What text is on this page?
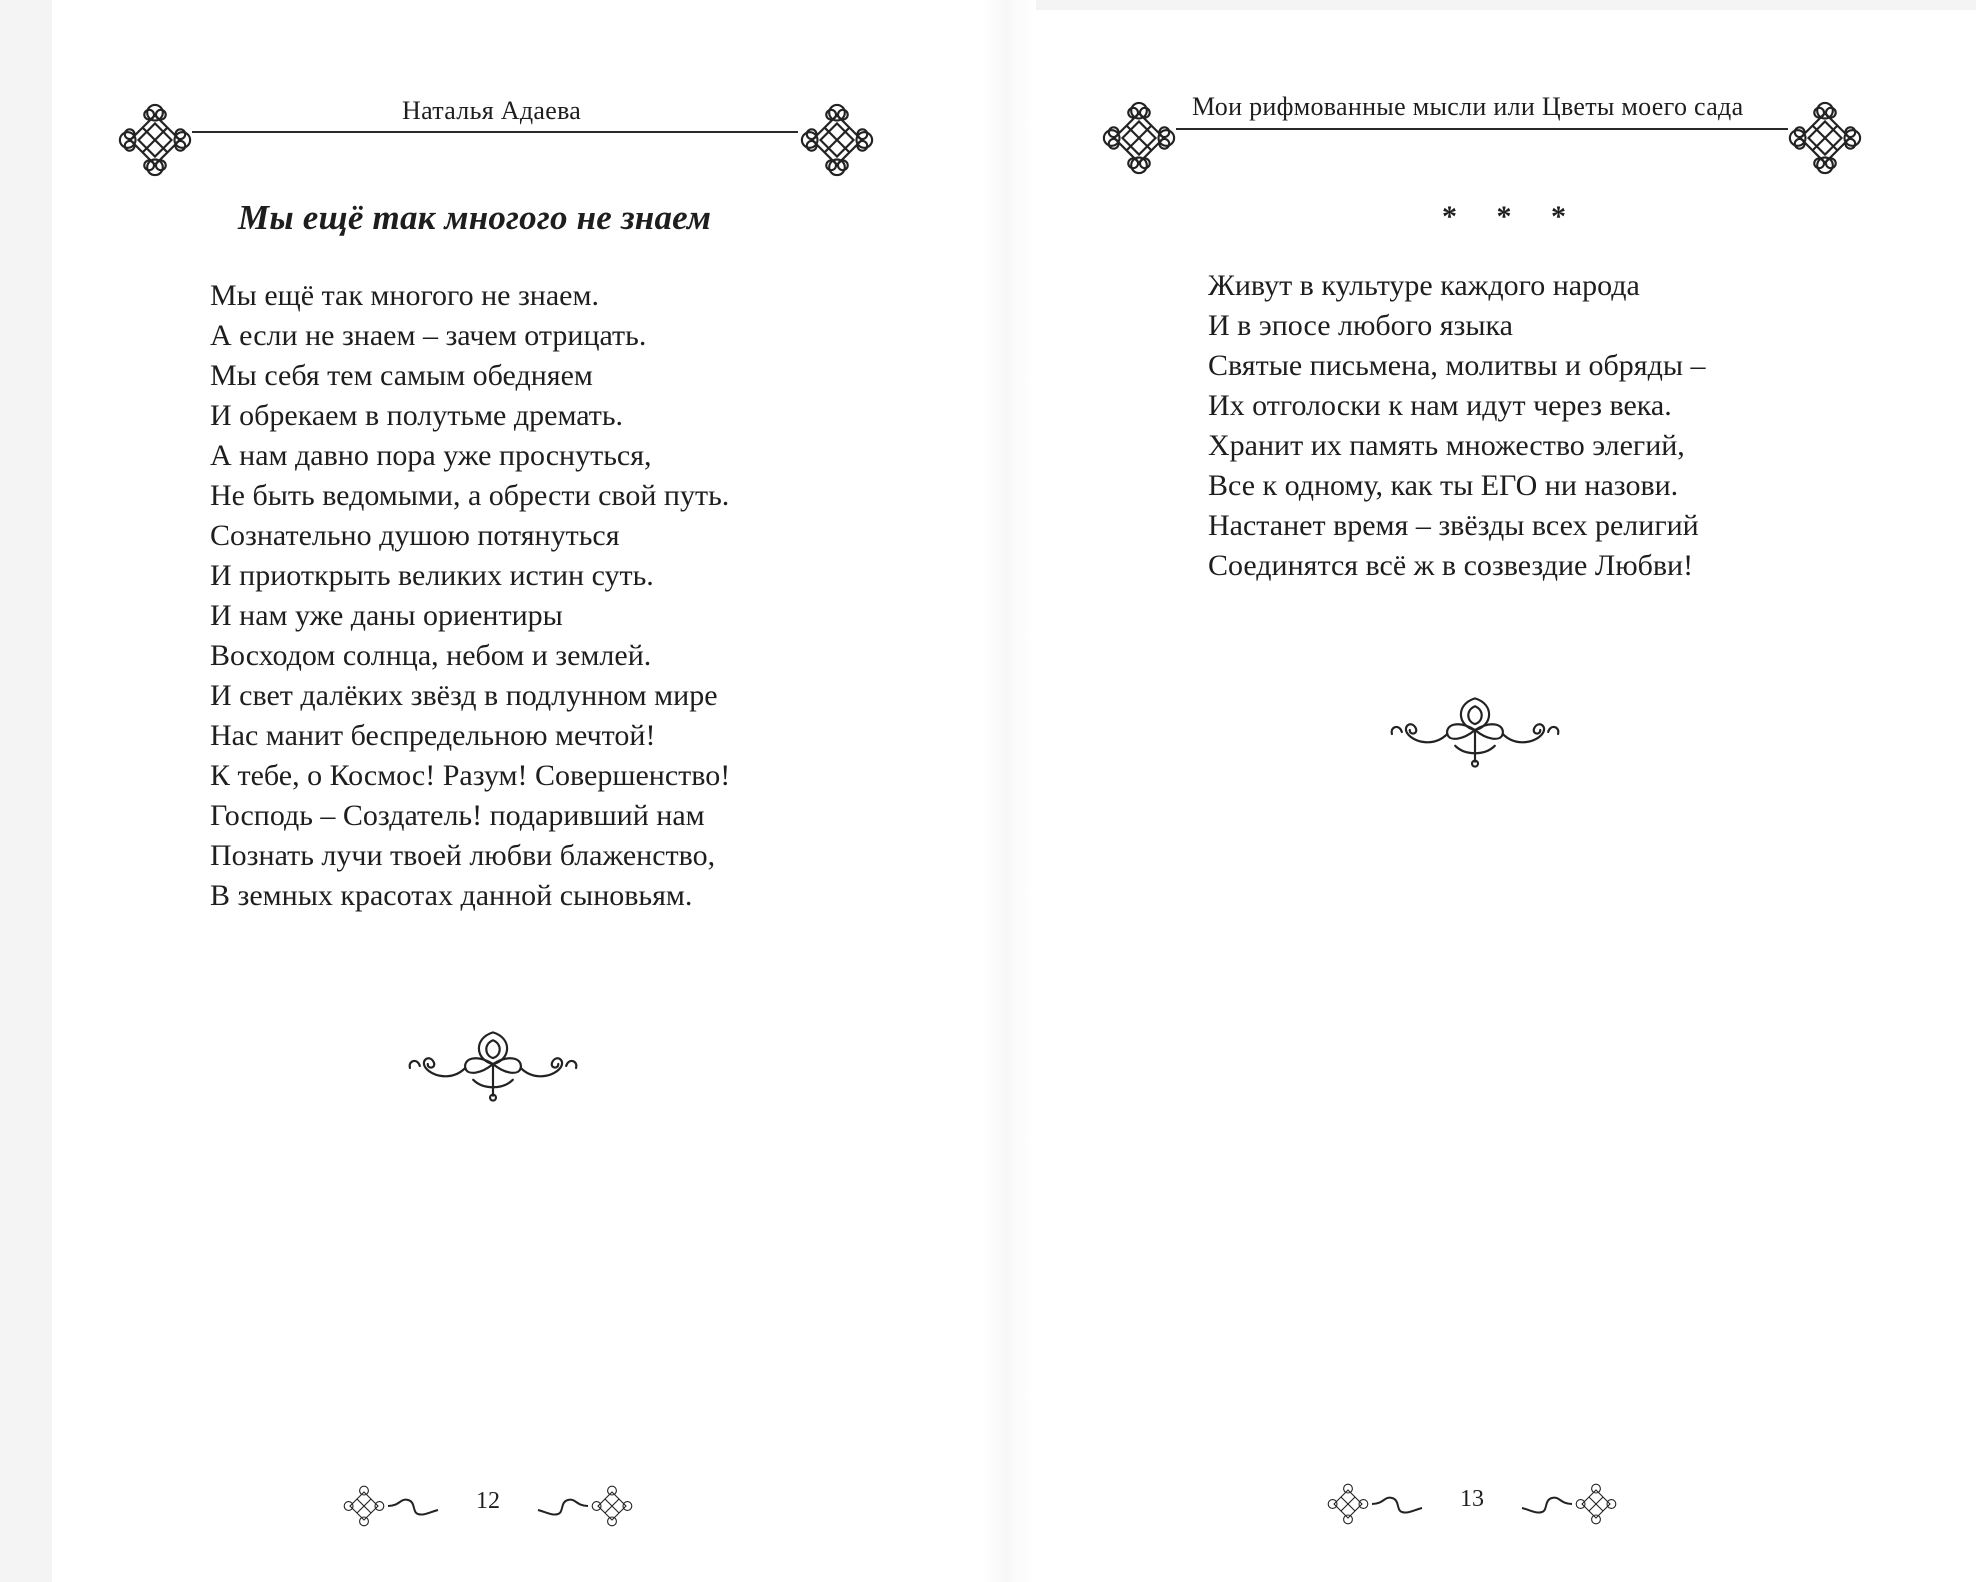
Наталья Адаева
Мы ещё так многого не знаем
Мы ещё так многого не знаем.
А если не знаем – зачем отрицать.
Мы себя тем самым обедняем
И обрекаем в полутьме дремать.
А нам давно пора уже проснуться,
Не быть ведомыми, а обрести свой путь.
Сознательно душою потянуться
И приоткрыть великих истин суть.
И нам уже даны ориентиры
Восходом солнца, небом и землей.
И свет далёких звёзд в подлунном мире
Нас манит беспредельною мечтой!
К тебе, о Космос! Разум! Совершенство!
Господь – Создатель! подаривший нам
Познать лучи твоей любви блаженство,
В земных красотах данной сыновьям.
12
Мои рифмованные мысли или Цветы моего сада
* * *
Живут в культуре каждого народа
И в эпосе любого языка
Святые письмена, молитвы и обряды –
Их отголоски к нам идут через века.
Хранит их память множество элегий,
Все к одному, как ты ЕГО ни назови.
Настанет время – звёзды всех религий
Соединятся всё ж в созвездие Любви!
13
